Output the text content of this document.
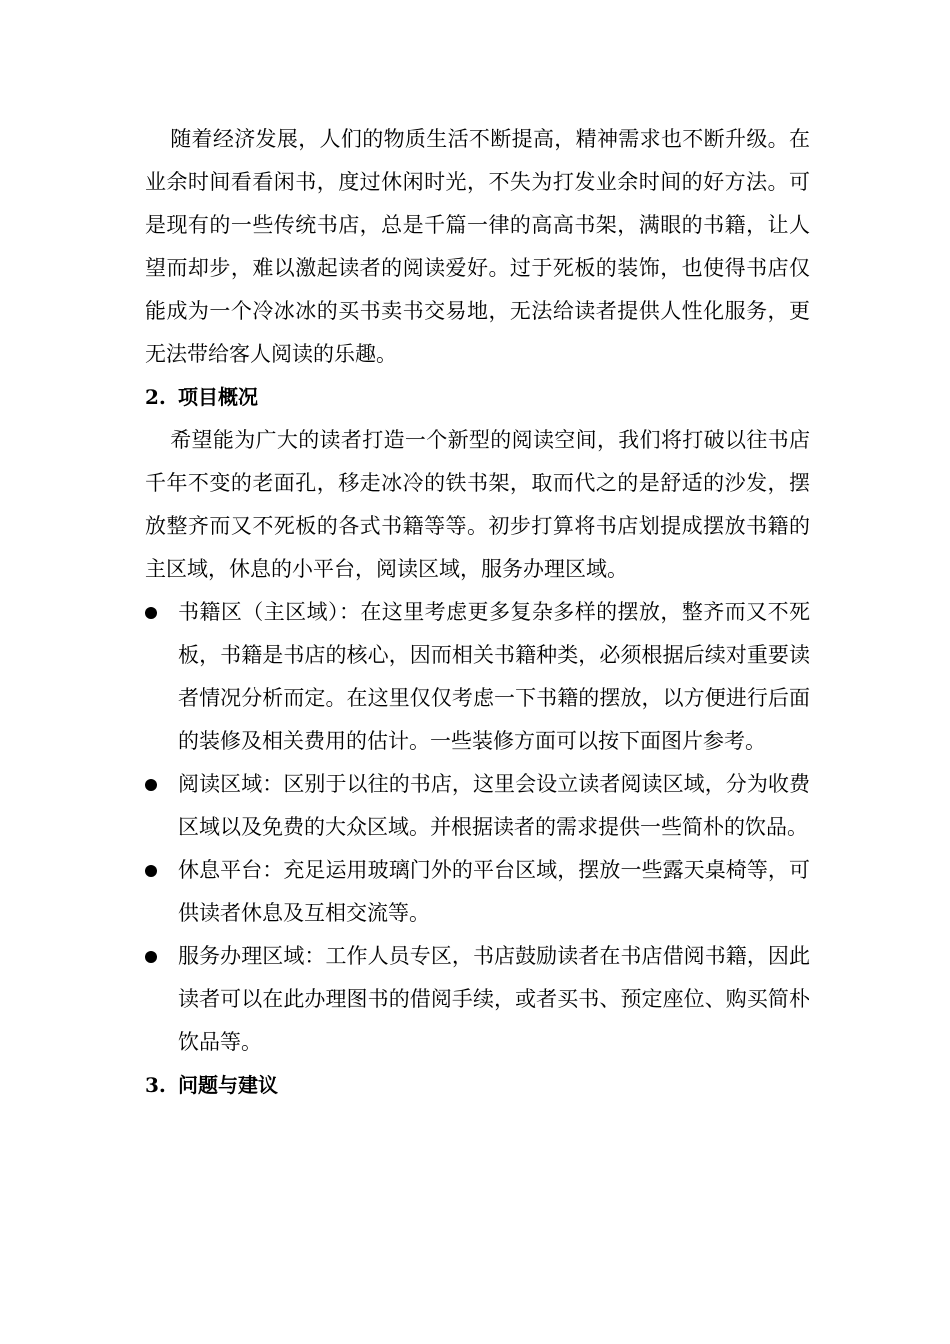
随着经济发展，人们的物质生活不断提高，精神需求也不断升级。在业余时间看看闲书，度过休闲时光，不失为打发业余时间的好方法。可是现有的一些传统书店，总是千篇一律的高高书架，满眼的书籍，让人望而却步，难以激起读者的阅读爱好。过于死板的装饰，也使得书店仅能成为一个冷冰冰的买书卖书交易地，无法给读者提供人性化服务，更无法带给客人阅读的乐趣。

2. 项目概况

希望能为广大的读者打造一个新型的阅读空间，我们将打破以往书店千年不变的老面孔，移走冰冷的铁书架，取而代之的是舒适的沙发，摆放整齐而又不死板的各式书籍等等。初步打算将书店划提成摆放书籍的主区域，休息的小平台，阅读区域，服务办理区域。

书籍区（主区域）：在这里考虑更多复杂多样的摆放，整齐而又不死板，书籍是书店的核心，因而相关书籍种类，必须根据后续对重要读者情况分析而定。在这里仅仅考虑一下书籍的摆放，以方便进行后面的装修及相关费用的估计。一些装修方面可以按下面图片参考。
阅读区域：区别于以往的书店，这里会设立读者阅读区域，分为收费区域以及免费的大众区域。并根据读者的需求提供一些简朴的饮品。
休息平台：充足运用玻璃门外的平台区域，摆放一些露天桌椅等，可供读者休息及互相交流等。
服务办理区域：工作人员专区，书店鼓励读者在书店借阅书籍，因此读者可以在此办理图书的借阅手续，或者买书、预定座位、购买简朴饮品等。
3. 问题与建议
